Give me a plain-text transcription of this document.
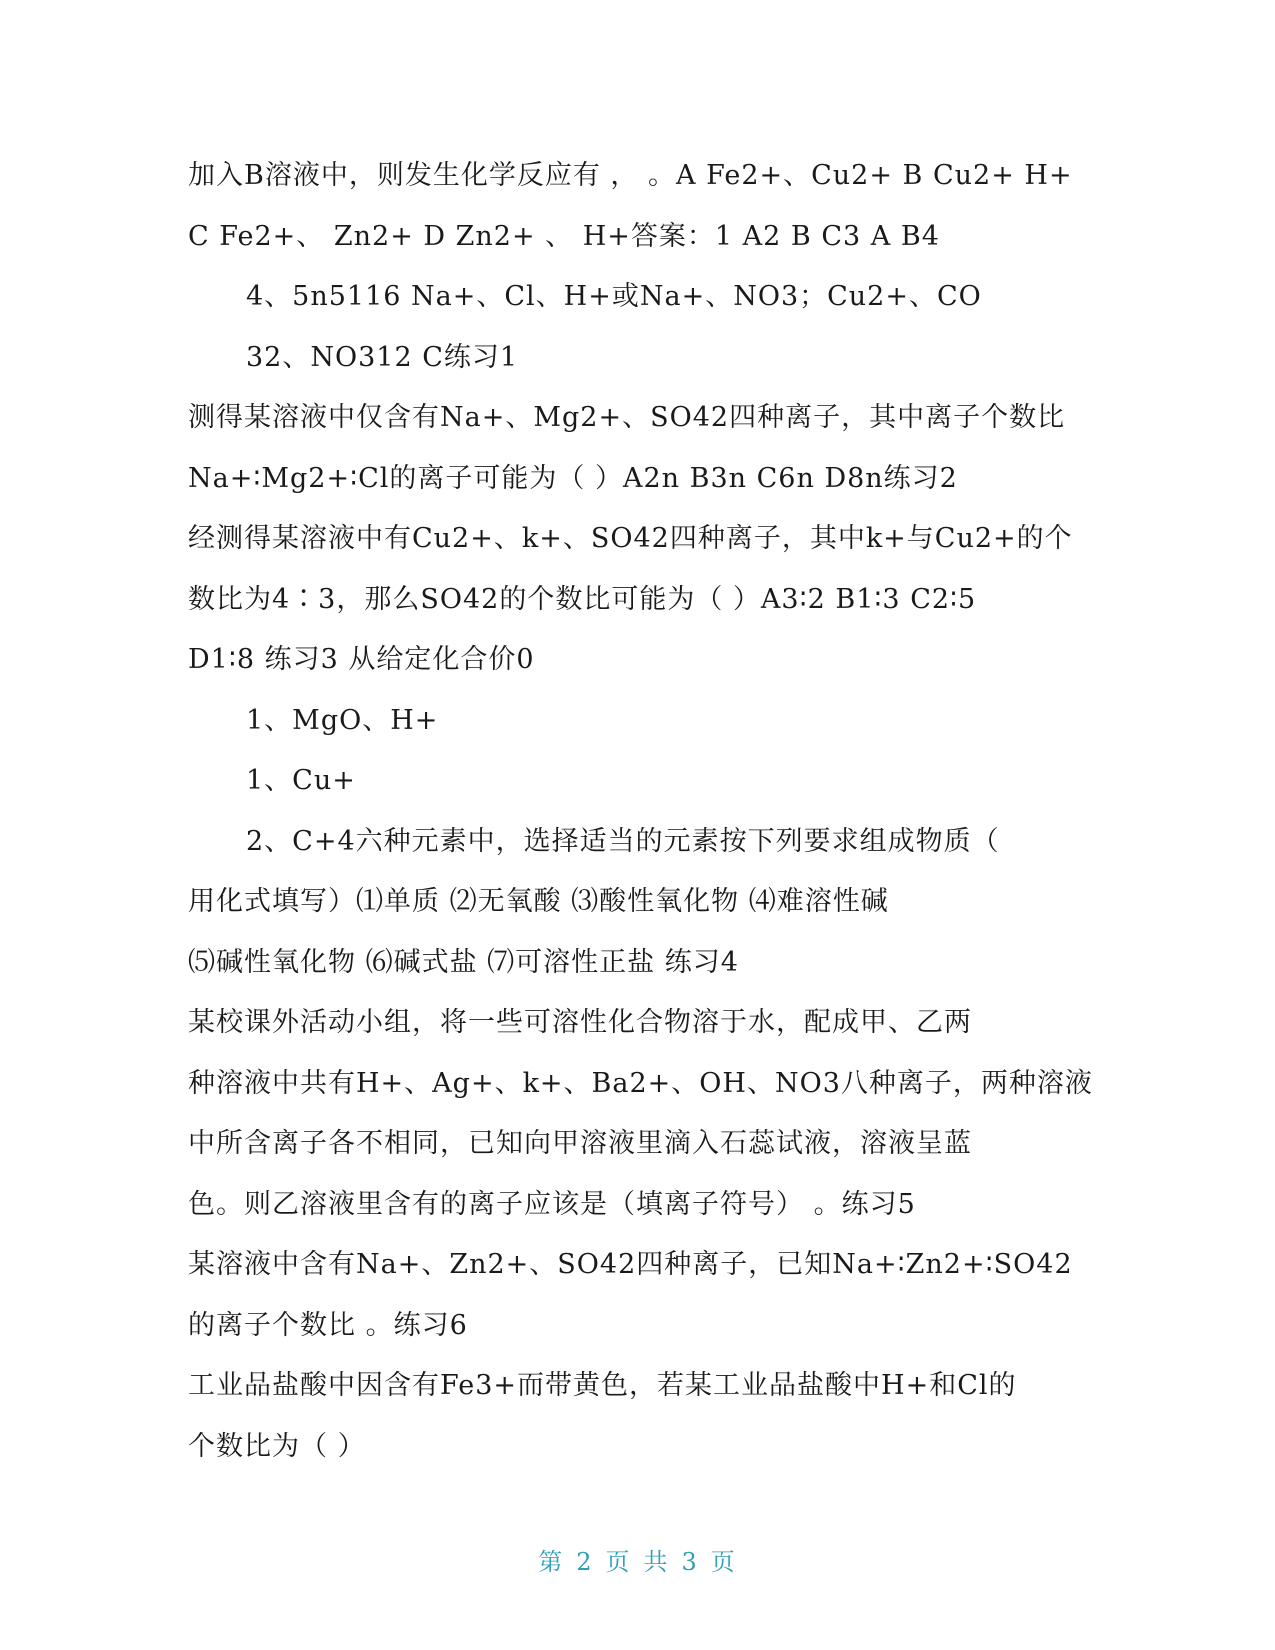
加入B溶液中，则发生化学反应有 ， 。A Fe2+、Cu2+ B Cu2+ H+
C Fe2+、 Zn2+ D Zn2+ 、 H+答案：1 A2 B C3 A B4
4、5n5116 Na+、Cl、H+或Na+、NO3；Cu2+、CO
32、NO312 C练习1
测得某溶液中仅含有Na+、Mg2+、SO42四种离子，其中离子个数比
Na+∶Mg2+∶Cl的离子可能为（ ）A2n B3n C6n D8n练习2
经测得某溶液中有Cu2+、k+、SO42四种离子，其中k+与Cu2+的个
数比为4∶3，那么SO42的个数比可能为（ ）A3∶2 B1∶3 C2∶5
D1∶8 练习3 从给定化合价0
1、MgO、H+
1、Cu+
2、C+4六种元素中，选择适当的元素按下列要求组成物质（
用化式填写）⑴单质 ⑵无氧酸 ⑶酸性氧化物 ⑷难溶性碱
⑸碱性氧化物 ⑹碱式盐 ⑺可溶性正盐 练习4
某校课外活动小组，将一些可溶性化合物溶于水，配成甲、乙两
种溶液中共有H+、Ag+、k+、Ba2+、OH、NO3八种离子，两种溶液
中所含离子各不相同，已知向甲溶液里滴入石蕊试液，溶液呈蓝
色。则乙溶液里含有的离子应该是（填离子符号） 。练习5
某溶液中含有Na+、Zn2+、SO42四种离子，已知Na+∶Zn2+∶SO42
的离子个数比 。练习6
工业品盐酸中因含有Fe3+而带黄色，若某工业品盐酸中H+和Cl的
个数比为（ ）
第 2 页 共 3 页
